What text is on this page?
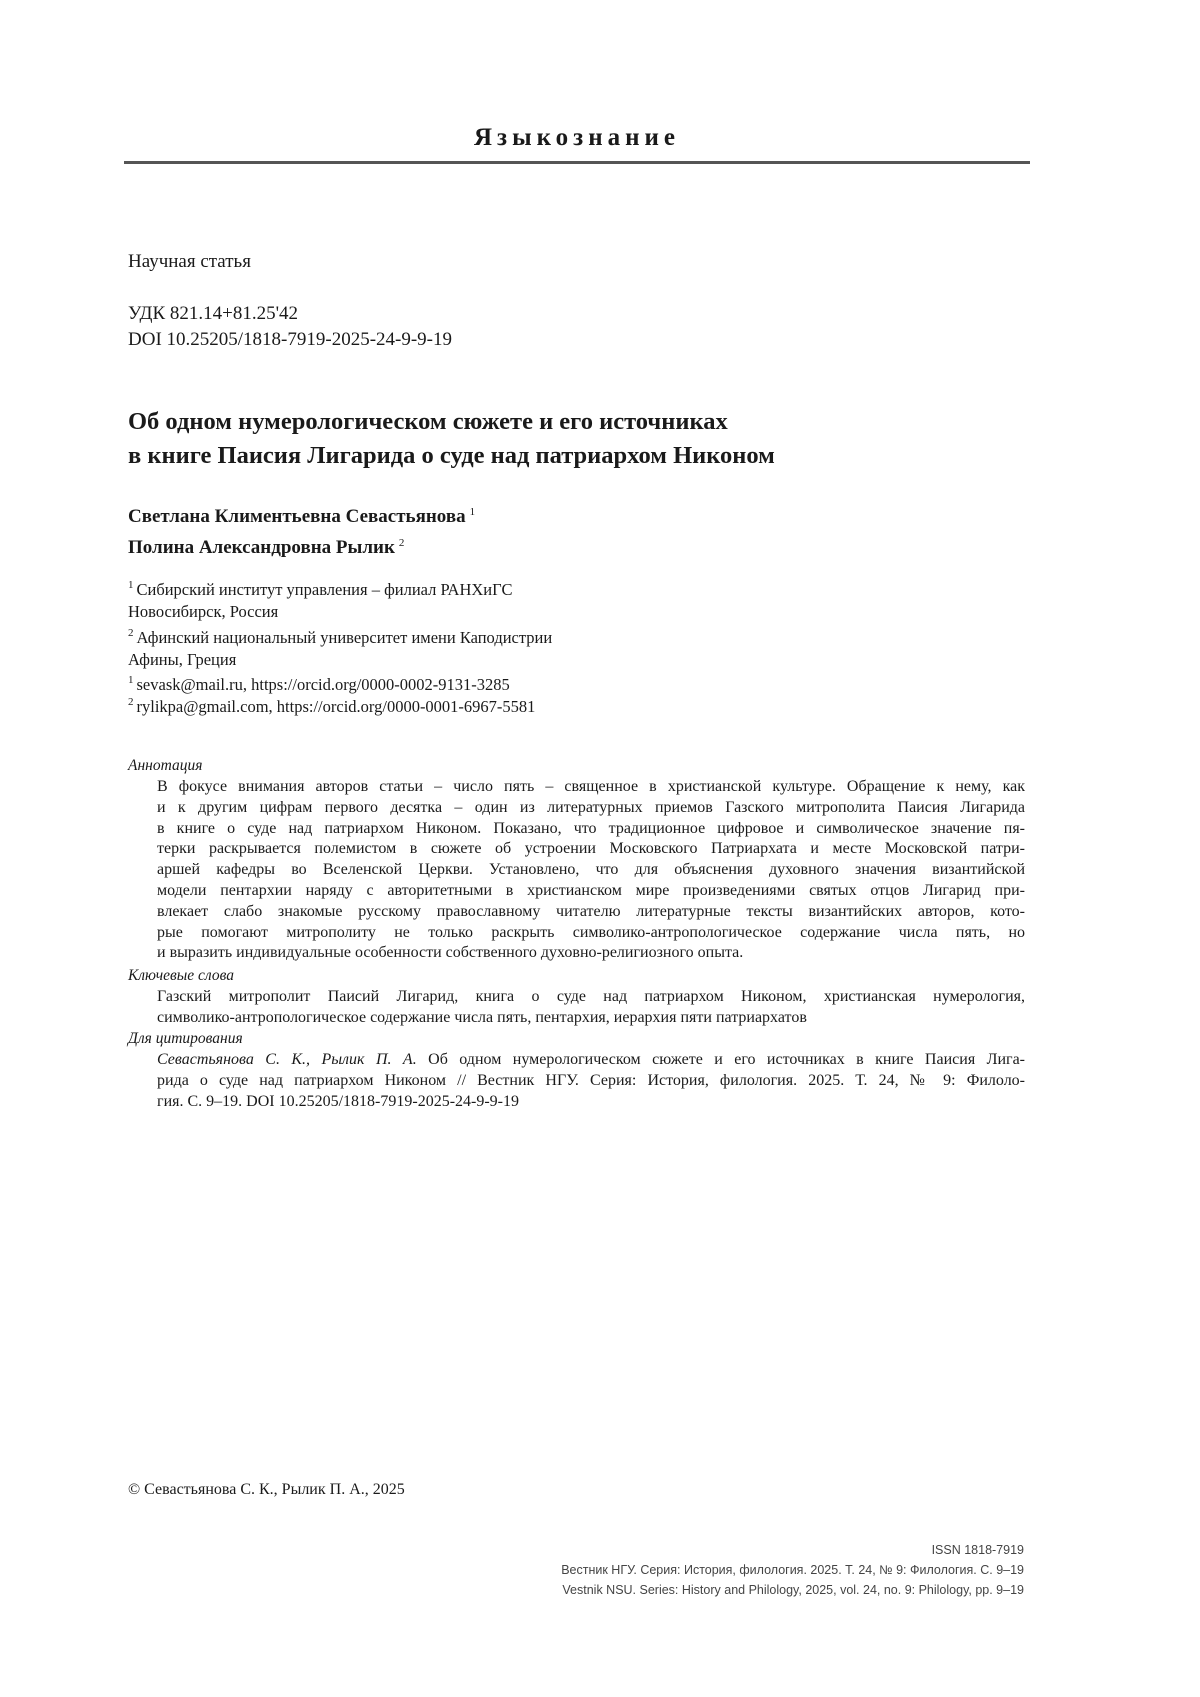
Языкознание
Научная статья
УДК 821.14+81.25'42
DOI 10.25205/1818-7919-2025-24-9-9-19
Об одном нумерологическом сюжете и его источниках
в книге Паисия Лигарида о суде над патриархом Никоном
Светлана Климентьевна Севастьянова $^1$
Полина Александровна Рылик $^2$
$^1$ Сибирский институт управления – филиал РАНХиГС
Новосибирск, Россия
$^2$ Афинский национальный университет имени Каподистрии
Афины, Греция
$^1$ sevask@mail.ru, https://orcid.org/0000-0002-9131-3285
$^2$ rylikpa@gmail.com, https://orcid.org/0000-0001-6967-5581
Аннотация
В фокусе внимания авторов статьи – число пять – священное в христианской культуре. Обращение к нему, как
и к другим цифрам первого десятка – один из литературных приемов Газского митрополита Паисия Лигарида
в книге о суде над патриархом Никоном. Показано, что традиционное цифровое и символическое значение пя-
терки раскрывается полемистом в сюжете об устроении Московского Патриархата и месте Московской патри-
аршей кафедры во Вселенской Церкви. Установлено, что для объяснения духовного значения византийской
модели пентархии наряду с авторитетными в христианском мире произведениями святых отцов Лигарид при-
влекает слабо знакомые русскому православному читателю литературные тексты византийских авторов, кото-
рые помогают митрополиту не только раскрыть символико-антропологическое содержание числа пять, но
и выразить индивидуальные особенности собственного духовно-религиозного опыта.
Ключевые слова
Газский митрополит Паисий Лигарид, книга о суде над патриархом Никоном, христианская нумерология,
символико-антропологическое содержание числа пять, пентархия, иерархия пяти патриархатов
Для цитирования
Севастьянова С. К., Рылик П. А. Об одном нумерологическом сюжете и его источниках в книге Паисия Лига-
рида о суде над патриархом Никоном // Вестник НГУ. Серия: История, филология. 2025. Т. 24, № 9: Филоло-
гия. С. 9–19. DOI 10.25205/1818-7919-2025-24-9-9-19
© Севастьянова С. К., Рылик П. А., 2025
ISSN 1818-7919
Вестник НГУ. Серия: История, филология. 2025. Т. 24, № 9: Филология. С. 9–19
Vestnik NSU. Series: History and Philology, 2025, vol. 24, no. 9: Philology, pp. 9–19
